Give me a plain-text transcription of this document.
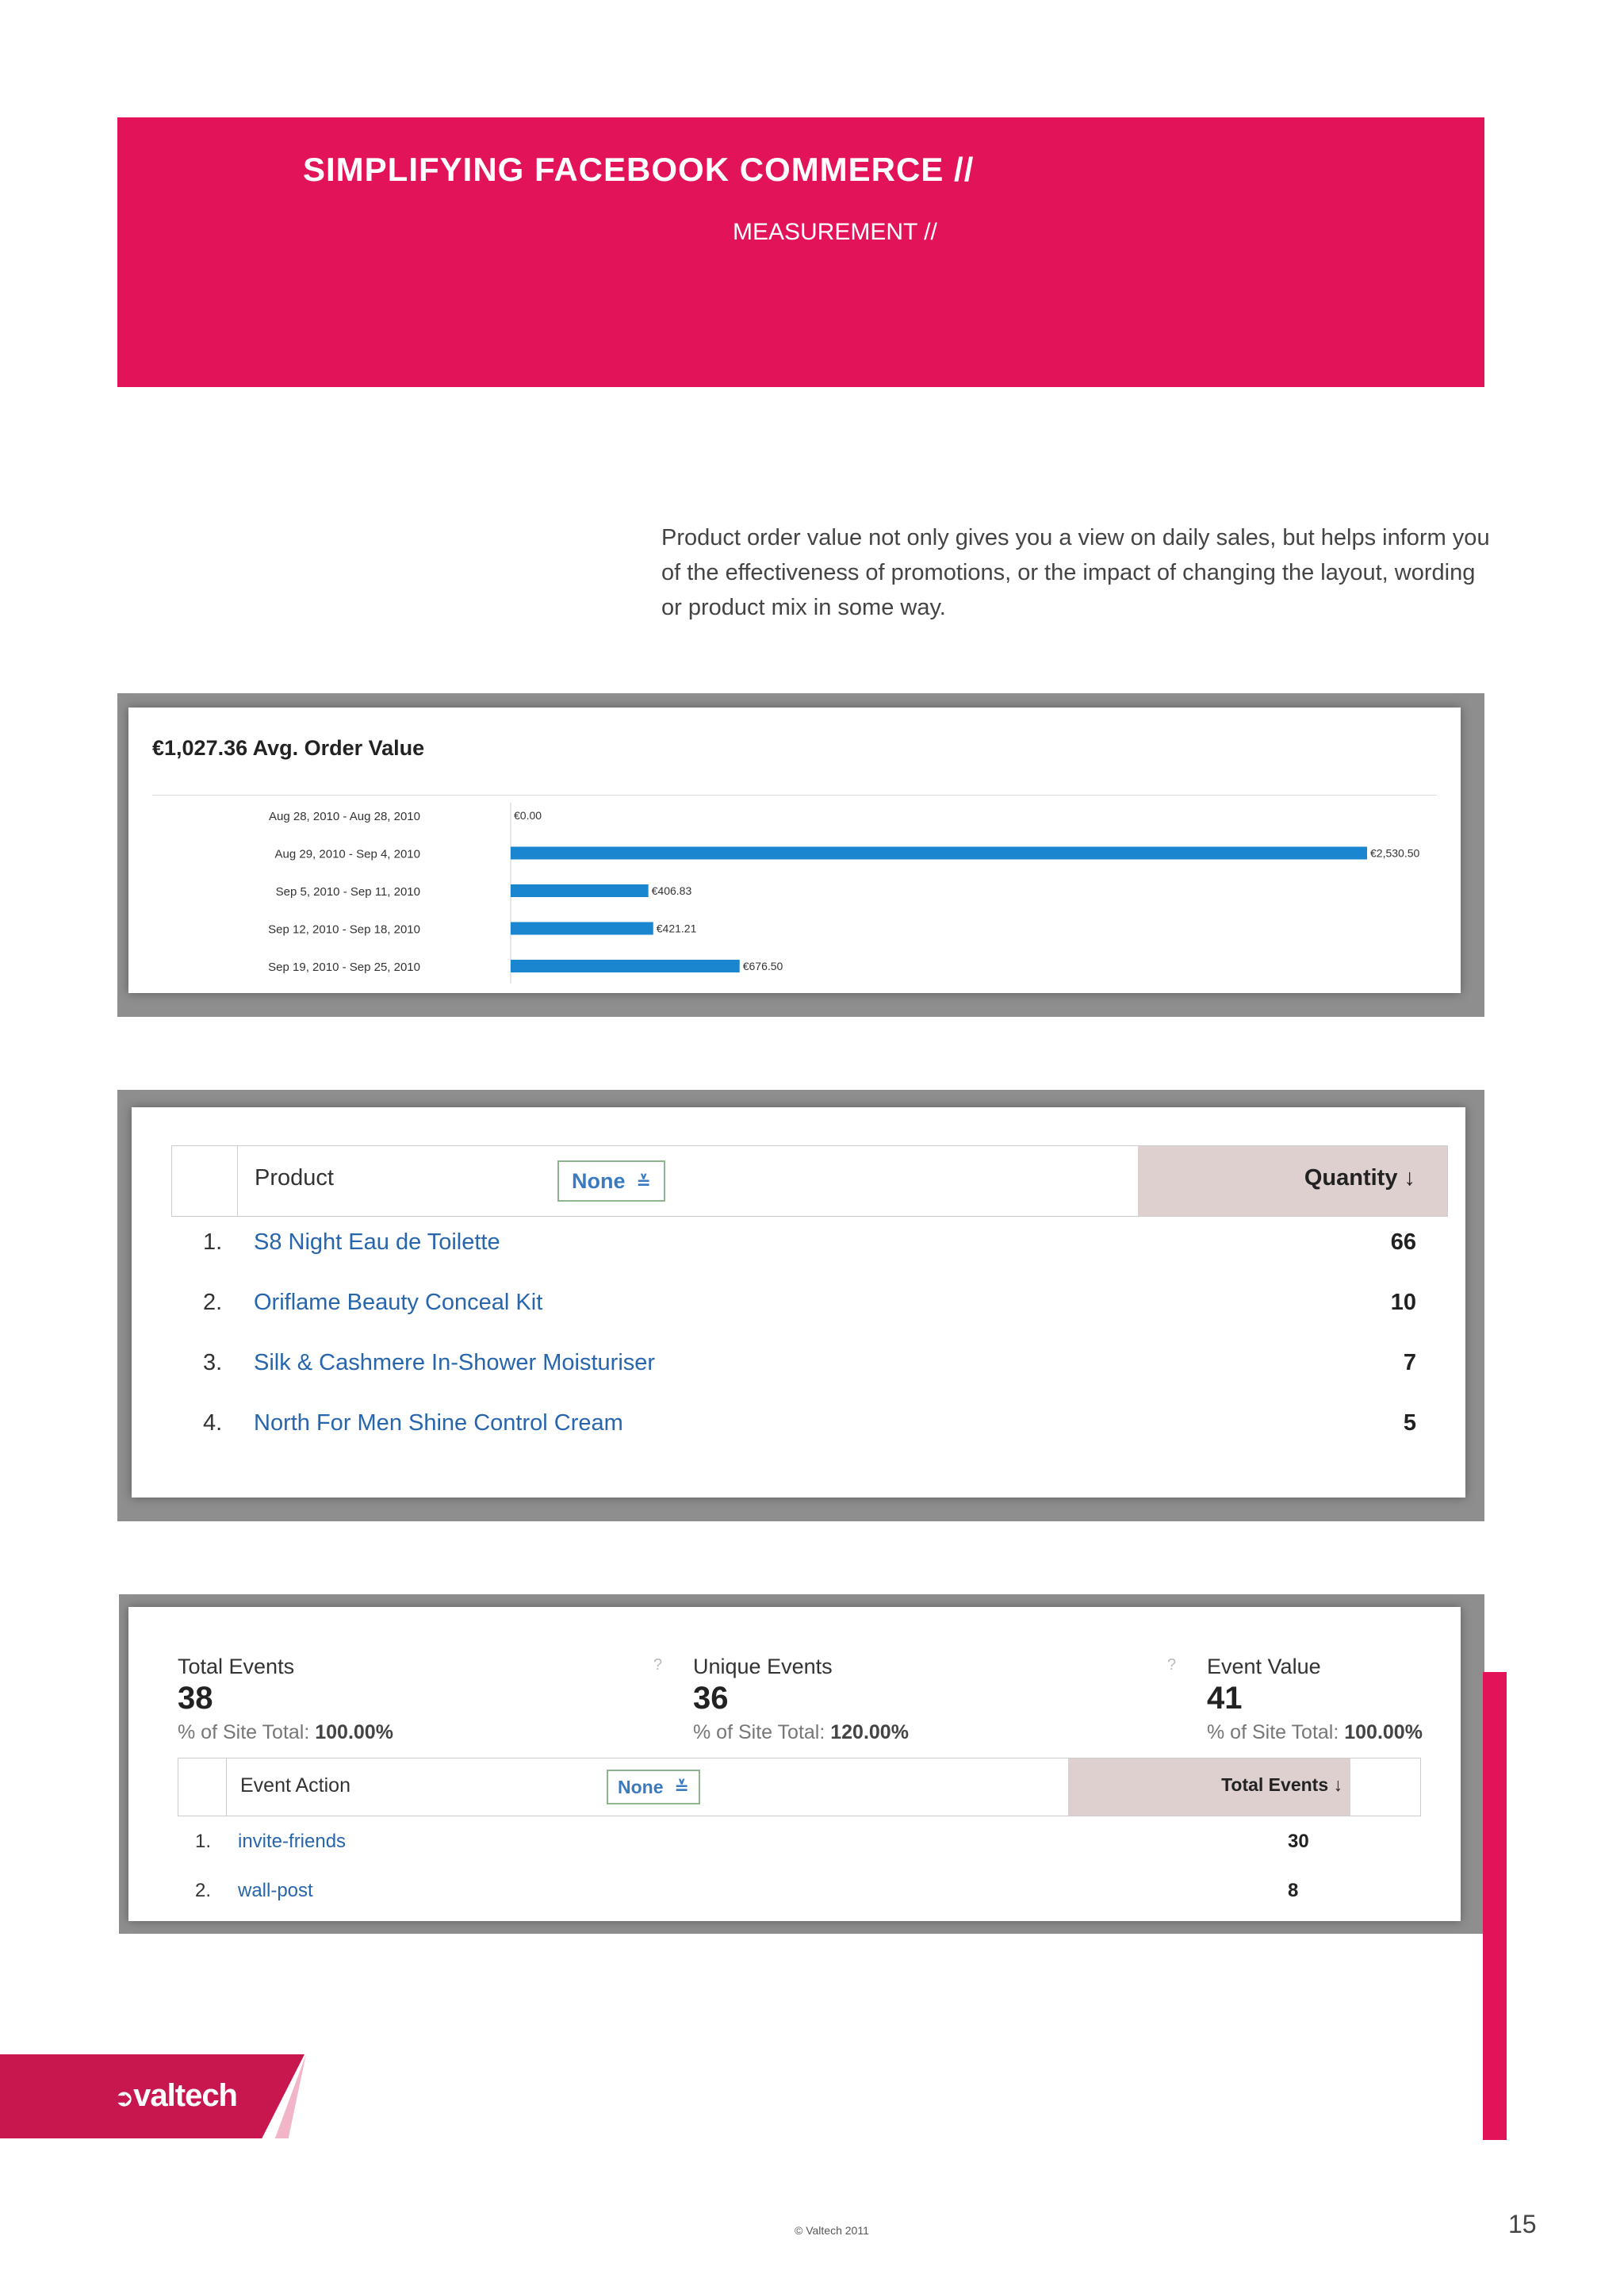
SIMPLIFYING FACEBOOK COMMERCE //
MEASUREMENT //
Product order value not only gives you a view on daily sales, but helps inform you of the effectiveness of promotions, or the impact of changing the layout, wording or product mix in some way.
€1,027.36 Avg. Order Value
Aug 28, 2010 - Aug 28, 2010	€0.00
Aug 29, 2010 - Sep 4, 2010	€2,530.50
Sep 5, 2010 - Sep 11, 2010	€406.83
Sep 12, 2010 - Sep 18, 2010	€421.21
Sep 19, 2010 - Sep 25, 2010	€676.50
Product	None ≚	Quantity ↓
1. S8 Night Eau de Toilette	66
2. Oriflame Beauty Conceal Kit	10
3. Silk & Cashmere In-Shower Moisturiser	7
4. North For Men Shine Control Cream	5
Total Events
38
% of Site Total: 100.00%
? Unique Events
36
% of Site Total: 120.00%
? Event Value
41
% of Site Total: 100.00%
Event Action	None ≚	Total Events ↓
1. invite-friends	30
2. wall-post	8
➲valtech
© Valtech 2011	15
